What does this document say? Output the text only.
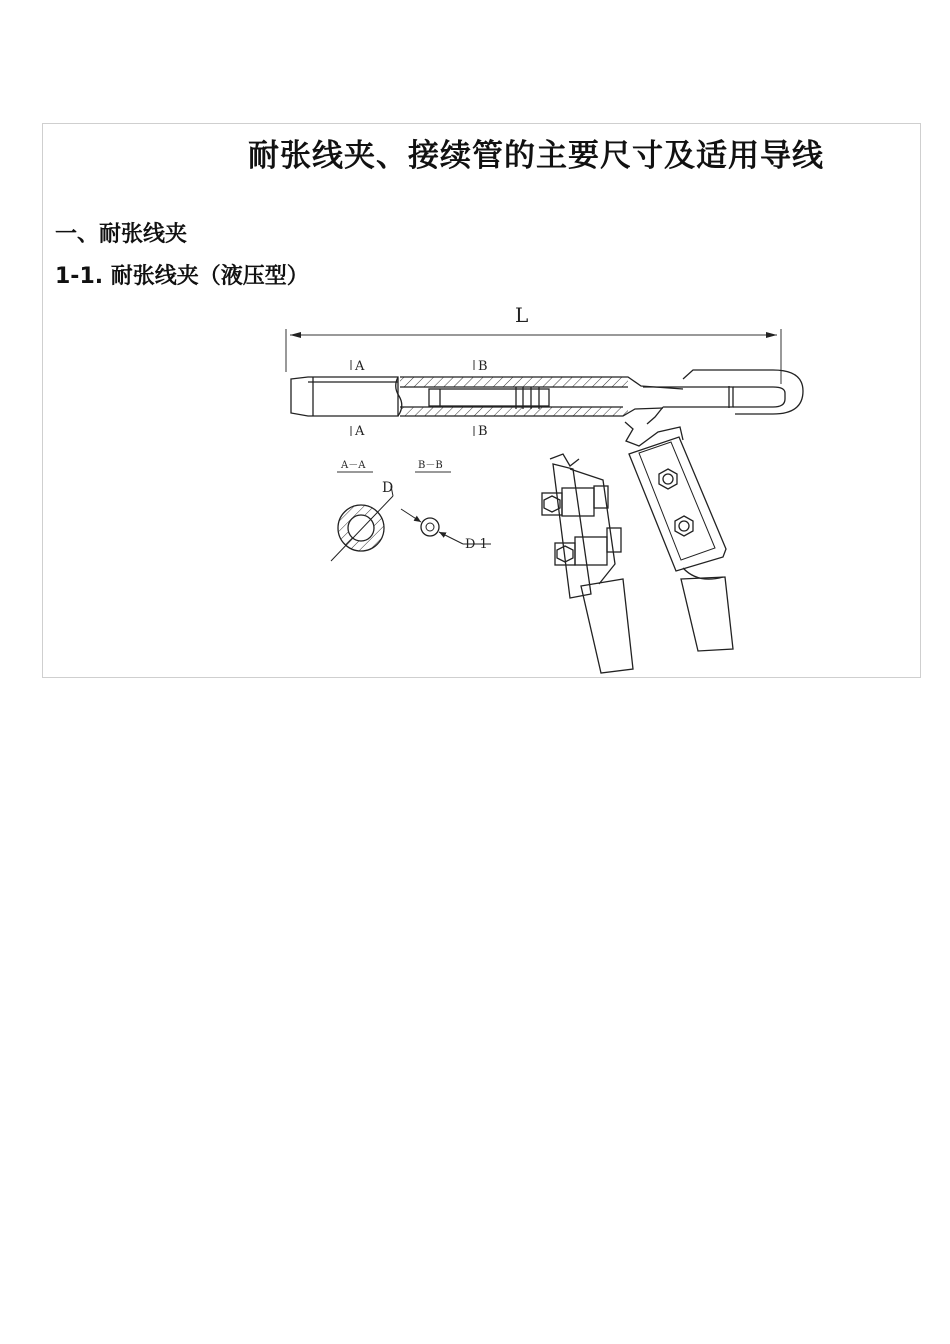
耐张线夹、接续管的主要尺寸及适用导线
一、耐张线夹
1-1. 耐张线夹（液压型）
L
A	B
A	B
A－A
D
B－B
D 1
